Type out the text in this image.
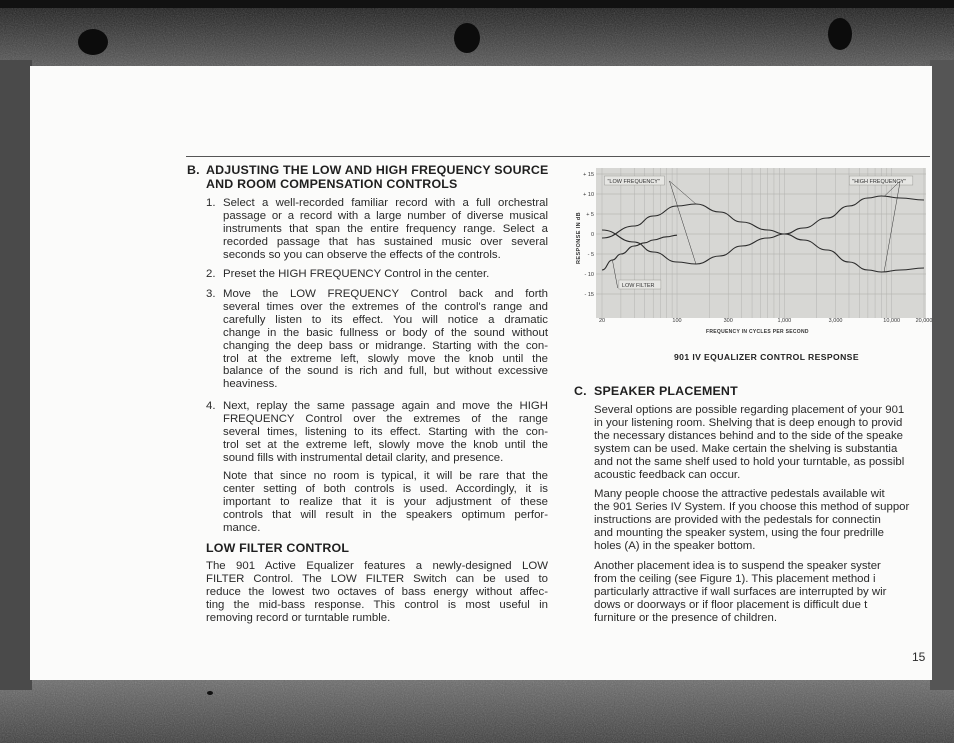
B. ADJUSTING THE LOW AND HIGH FREQUENCY SOURCE
AND ROOM COMPENSATION CONTROLS
1. Select a well-recorded familiar record with a full orchestral

passage or a record with a large number of diverse musical

instruments that span the entire frequency range. Select a

recorded passage that has sustained music over several

seconds so you can observe the effects of the controls.

2. Preset the HIGH FREQUENCY Control in the center.

3. Move the LOW FREQUENCY Control back and forth

several times over the extremes of the control's range and

carefully listen to its effect. You will notice a dramatic

change in the basic fullness or body of the sound without

changing the deep bass or midrange. Starting with the con-

trol at the extreme left, slowly move the knob until the

balance of the sound is rich and full, but without excessive

heaviness.

4. Next, replay the same passage again and move the HIGH

FREQUENCY Control over the extremes of the range

several times, listening to its effect. Starting with the con-

trol set at the extreme left, slowly move the knob until the

sound fills with instrumental detail clarity, and presence.

Note that since no room is typical, it will be rare that the

center setting of both controls is used. Accordingly, it is

important to realize that it is your adjustment of these

controls that will result in the speakers optimum perfor-

mance.

LOW FILTER CONTROL

The 901 Active Equalizer features a newly-designed LOW

FILTER Control. The LOW FILTER Switch can be used to

reduce the lowest two octaves of bass energy without affec-

ting the mid-bass response. This control is most useful in

removing record or turntable rumble.

"LOW FREQUENCY"	"HIGH FREQUENCY"
LOW FILTER
+ 15
+ 10
+ 5
0
- 5
- 10
- 15
20	100	300	1,000	3,000	10,000	20,000
RESPONSE IN dB
FREQUENCY IN CYCLES PER SECOND
901 IV EQUALIZER CONTROL RESPONSE
C. SPEAKER PLACEMENT

Several options are possible regarding placement of your 901

in your listening room. Shelving that is deep enough to provid

the necessary distances behind and to the side of the speake

system can be used. Make certain the shelving is substantia

and not the same shelf used to hold your turntable, as possibl

acoustic feedback can occur.

Many people choose the attractive pedestals available wit

the 901 Series IV System. If you choose this method of suppor

instructions are provided with the pedestals for connectin

and mounting the speaker system, using the four predrille

holes (A) in the speaker bottom.

Another placement idea is to suspend the speaker syster

from the ceiling (see Figure 1). This placement method i

particularly attractive if wall surfaces are interrupted by wir

dows or doorways or if floor placement is difficult due t

furniture or the presence of children.

15
